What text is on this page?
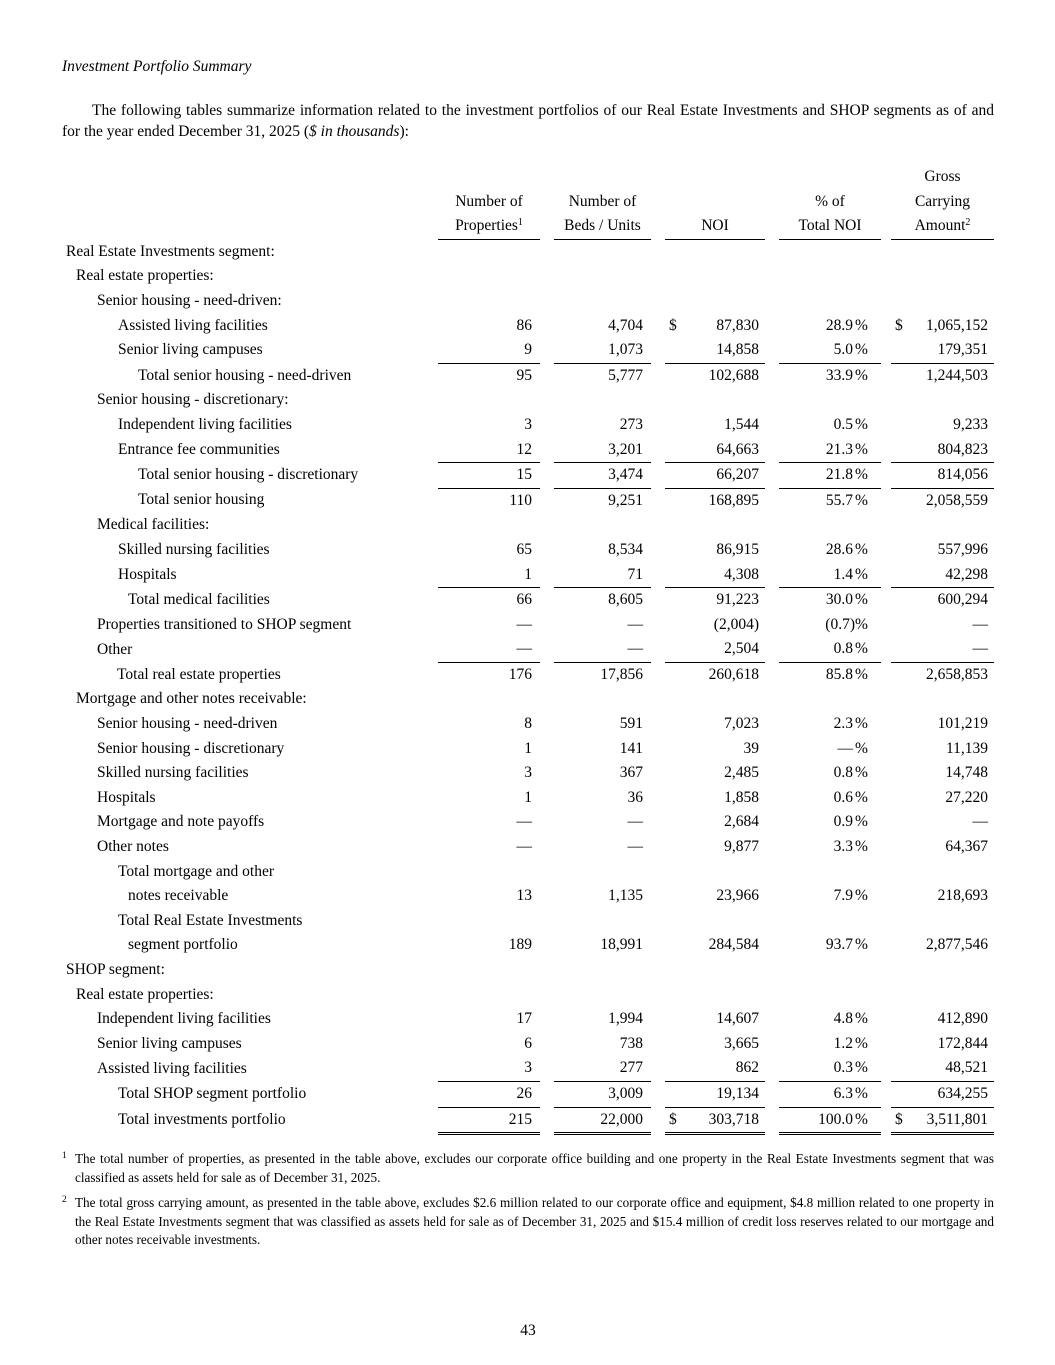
Investment Portfolio Summary
The following tables summarize information related to the investment portfolios of our Real Estate Investments and SHOP segments as of and for the year ended December 31, 2025 ($ in thousands):
									Gross
	Number of		Number of				% of		Carrying
	Properties$^1$		Beds / Units		NOI		Total NOI		Amount$^2$
Real Estate Investments segment:									
Real estate properties:									
Senior housing - need-driven:									
Assisted living facilities	86		4,704		$ 87,830		28.9 %		$ 1,065,152
Senior living campuses	9		1,073		14,858		5.0 %		179,351
Total senior housing - need-driven	95		5,777		102,688		33.9 %		1,244,503
Senior housing - discretionary:									
Independent living facilities	3		273		1,544		0.5 %		9,233
Entrance fee communities	12		3,201		64,663		21.3 %		804,823
Total senior housing - discretionary	15		3,474		66,207		21.8 %		814,056
Total senior housing	110		9,251		168,895		55.7 %		2,058,559
Medical facilities:									
Skilled nursing facilities	65		8,534		86,915		28.6 %		557,996
Hospitals	1		71		4,308		1.4 %		42,298
Total medical facilities	66		8,605		91,223		30.0 %		600,294
Properties transitioned to SHOP segment	—		—		(2,004)		(0.7)%		—
Other	—		—		2,504		0.8 %		—
Total real estate properties	176		17,856		260,618		85.8 %		2,658,853
Mortgage and other notes receivable:									
Senior housing - need-driven	8		591		7,023		2.3 %		101,219
Senior housing - discretionary	1		141		39		— %		11,139
Skilled nursing facilities	3		367		2,485		0.8 %		14,748
Hospitals	1		36		1,858		0.6 %		27,220
Mortgage and note payoffs	—		—		2,684		0.9 %		—
Other notes	—		—		9,877		3.3 %		64,367
Total mortgage and other									
notes receivable	13		1,135		23,966		7.9 %		218,693
Total Real Estate Investments									
segment portfolio	189		18,991		284,584		93.7 %		2,877,546
SHOP segment:									
Real estate properties:									
Independent living facilities	17		1,994		14,607		4.8 %		412,890
Senior living campuses	6		738		3,665		1.2 %		172,844
Assisted living facilities	3		277		862		0.3 %		48,521
Total SHOP segment portfolio	26		3,009		19,134		6.3 %		634,255
Total investments portfolio	215		22,000		$ 303,718		100.0 %		$ 3,511,801
1 The total number of properties, as presented in the table above, excludes our corporate office building and one property in the Real Estate Investments segment that was classified as assets held for sale as of December 31, 2025.
2 The total gross carrying amount, as presented in the table above, excludes $2.6 million related to our corporate office and equipment, $4.8 million related to one property in the Real Estate Investments segment that was classified as assets held for sale as of December 31, 2025 and $15.4 million of credit loss reserves related to our mortgage and other notes receivable investments.
43
